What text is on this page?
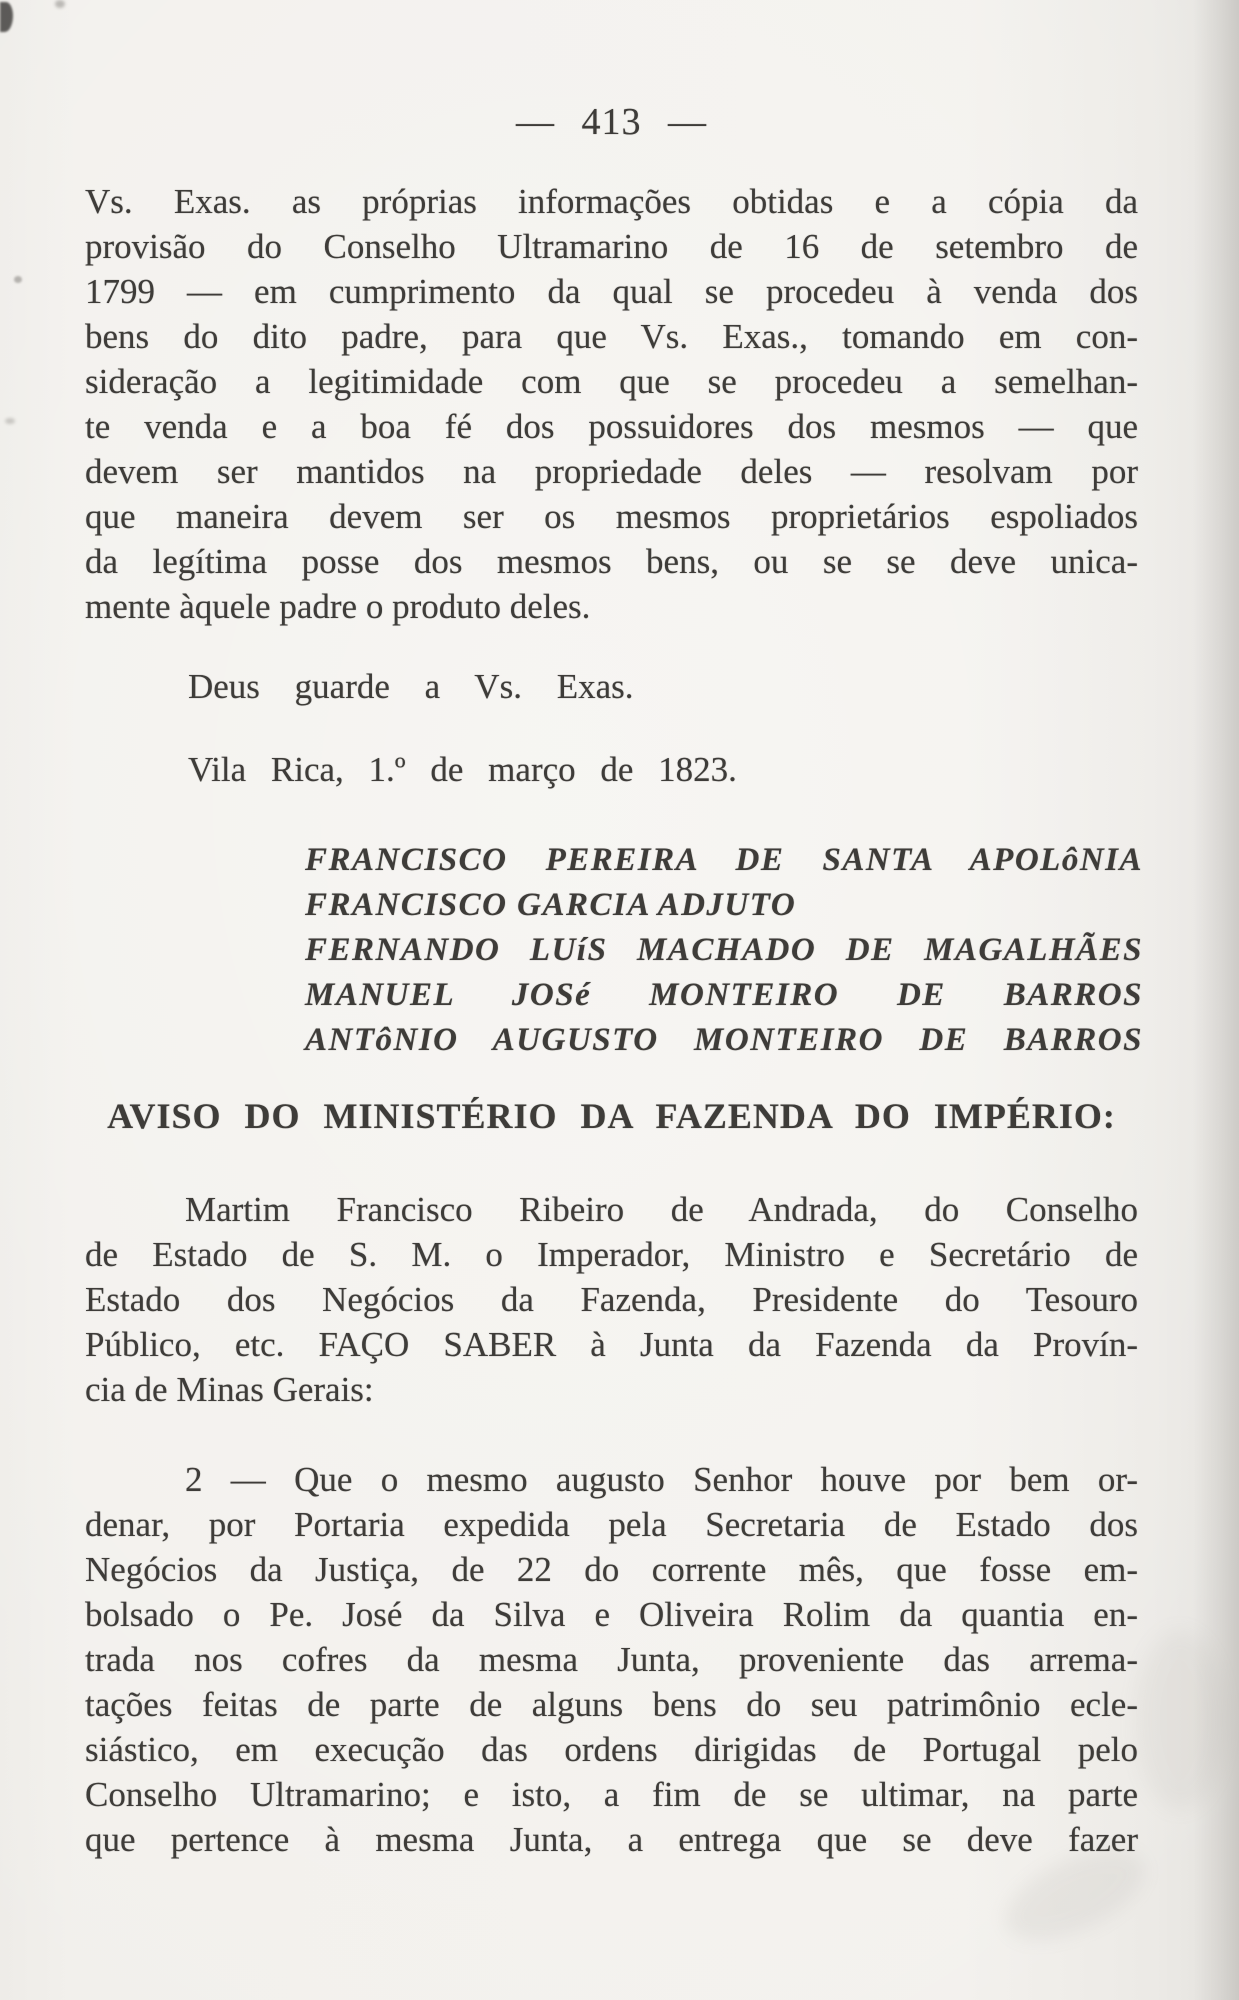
— 413 —
Vs. Exas. as próprias informações obtidas e a cópia da
provisão do Conselho Ultramarino de 16 de setembro de
1799 — em cumprimento da qual se procedeu à venda dos
bens do dito padre, para que Vs. Exas., tomando em con-
sideração a legitimidade com que se procedeu a semelhan-
te venda e a boa fé dos possuidores dos mesmos — que
devem ser mantidos na propriedade deles — resolvam por
que maneira devem ser os mesmos proprietários espoliados
da legítima posse dos mesmos bens, ou se se deve unica-
mente àquele padre o produto deles.
Deus guarde a Vs. Exas.
Vila Rica, 1.º de março de 1823.
FRANCISCO PEREIRA DE SANTA APOLôNIA
FRANCISCO GARCIA ADJUTO
FERNANDO LUíS MACHADO DE MAGALHÃES
MANUEL JOSé MONTEIRO DE BARROS
ANTôNIO AUGUSTO MONTEIRO DE BARROS
AVISO DO MINISTÉRIO DA FAZENDA DO IMPÉRIO:
Martim Francisco Ribeiro de Andrada, do Conselho
de Estado de S. M. o Imperador, Ministro e Secretário de
Estado dos Negócios da Fazenda, Presidente do Tesouro
Público, etc. FAÇO SABER à Junta da Fazenda da Provín-
cia de Minas Gerais:
2 — Que o mesmo augusto Senhor houve por bem or-
denar, por Portaria expedida pela Secretaria de Estado dos
Negócios da Justiça, de 22 do corrente mês, que fosse em-
bolsado o Pe. José da Silva e Oliveira Rolim da quantia en-
trada nos cofres da mesma Junta, proveniente das arrema-
tações feitas de parte de alguns bens do seu patrimônio ecle-
siástico, em execução das ordens dirigidas de Portugal pelo
Conselho Ultramarino; e isto, a fim de se ultimar, na parte
que pertence à mesma Junta, a entrega que se deve fazer
